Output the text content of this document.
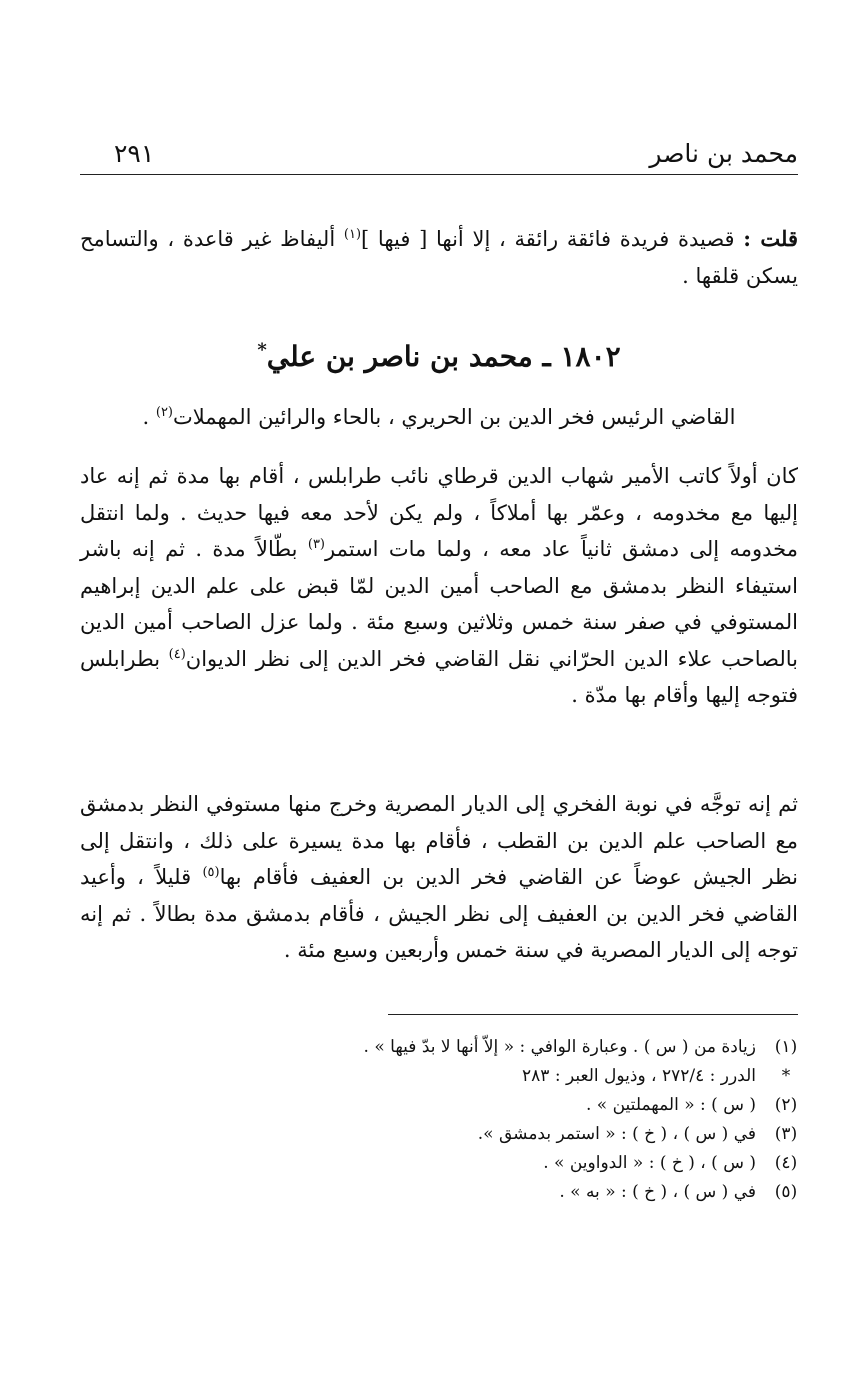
محمد بن ناصر
٢٩١

قلت : قصيدة فريدة فائقة رائقة ، إلا أنها [ فيها ]$^{(١)}$ أليفاظ غير قاعدة ، والتسامح يسكن قلقها .

١٨٠٢ ـ محمد بن ناصر بن علي*

القاضي الرئيس فخر الدين بن الحريري ، بالحاء والرائين المهملات$^{(٢)}$ .

كان أولاً كاتب الأمير شهاب الدين قرطاي نائب طرابلس ، أقام بها مدة ثم إنه عاد إليها مع مخدومه ، وعمّر بها أملاكاً ، ولم يكن لأحد معه فيها حديث . ولما انتقل مخدومه إلى دمشق ثانياً عاد معه ، ولما مات استمر$^{(٣)}$ بطّالاً مدة . ثم إنه باشر استيفاء النظر بدمشق مع الصاحب أمين الدين لمّا قبض على علم الدين إبراهيم المستوفي في صفر سنة خمس وثلاثين وسبع مئة . ولما عزل الصاحب أمين الدين بالصاحب علاء الدين الحرّاني نقل القاضي فخر الدين إلى نظر الديوان$^{(٤)}$ بطرابلس فتوجه إليها وأقام بها مدّة .

ثم إنه توجَّه في نوبة الفخري إلى الديار المصرية وخرج منها مستوفي النظر بدمشق مع الصاحب علم الدين بن القطب ، فأقام بها مدة يسيرة على ذلك ، وانتقل إلى نظر الجيش عوضاً عن القاضي فخر الدين بن العفيف فأقام بها$^{(٥)}$ قليلاً ، وأعيد القاضي فخر الدين بن العفيف إلى نظر الجيش ، فأقام بدمشق مدة بطالاً . ثم إنه توجه إلى الديار المصرية في سنة خمس وأربعين وسبع مئة .

(١)
زيادة من ( س ) . وعبارة الوافي : « إلاّ أنها لا بدّ فيها » .
*
الدرر : ٢٧٢/٤ ، وذيول العبر : ٢٨٣
(٢)
( س ) : « المهملتين » .
(٣)
في ( س ) ، ( خ ) : « استمر بدمشق ».
(٤)
( س ) ، ( خ ) : « الدواوين » .
(٥)
في ( س ) ، ( خ ) : « به » .
